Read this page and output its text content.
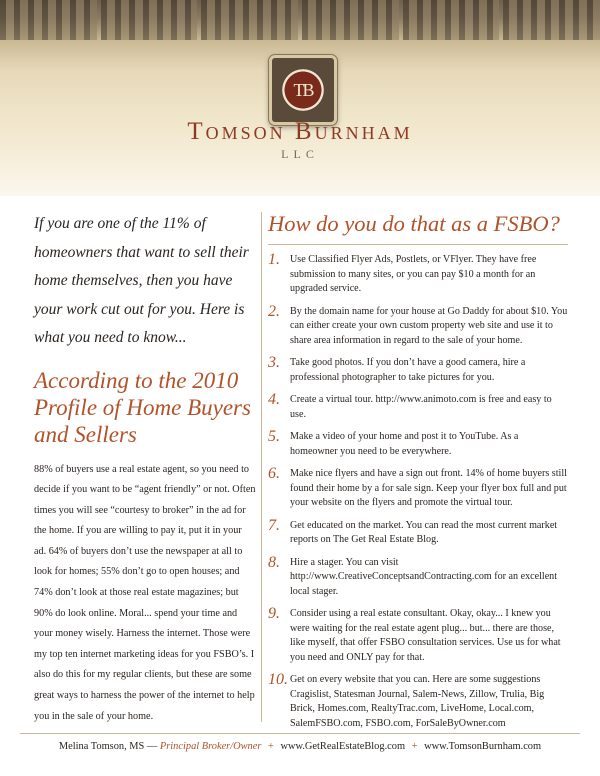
TB
Tomson Burnham
LLC

If you are one of the 11% of homeowners that want to sell their home themselves, then you have your work cut out for you. Here is what you need to know...

According to the 2010 Profile of Home Buyers and Sellers

88% of buyers use a real estate agent, so you need to decide if you want to be “agent friendly” or not. Often times you will see “courtesy to broker” in the ad for the home. If you are willing to pay it, put it in your ad. 64% of buyers don’t use the newspaper at all to look for homes; 55% don’t go to open houses; and 74% don’t look at those real estate magazines; but 90% do look online. Moral... spend your time and your money wisely. Harness the internet. Those were my top ten internet marketing ideas for you FSBO’s. I also do this for my regular clients, but these are some great ways to harness the power of the internet to help you in the sale of your home.

How do you do that as a FSBO?
1. Use Classified Flyer Ads, Postlets, or VFlyer. They have free submission to many sites, or you can pay $10 a month for an upgraded service.
2. By the domain name for your house at Go Daddy for about $10. You can either create your own custom property web site and use it to share area information in regard to the sale of your home.
3. Take good photos. If you don’t have a good camera, hire a professional photographer to take pictures for you.
4. Create a virtual tour. http://www.animoto.com is free and easy to use.
5. Make a video of your home and post it to YouTube. As a homeowner you need to be everywhere.
6. Make nice flyers and have a sign out front. 14% of home buyers still found their home by a for sale sign. Keep your flyer box full and put your website on the flyers and promote the virtual tour.
7. Get educated on the market. You can read the most current market reports on The Get Real Estate Blog.
8. Hire a stager. You can visit http://www.CreativeConceptsandContracting.com for an excellent local stager.
9. Consider using a real estate consultant. Okay, okay... I knew you were waiting for the real estate agent plug... but... there are those, like myself, that offer FSBO consultation services. Use us for what you need and ONLY pay for that.
10. Get on every website that you can. Here are some suggestions Cragislist, Statesman Journal, Salem-News, Zillow, Trulia, Big Brick, Homes.com, RealtyTrac.com, LiveHome, Local.com, SalemFSBO.com, FSBO.com, ForSaleByOwner.com
Melina Tomson, MS — Principal Broker/Owner + www.GetRealEstateBlog.com + www.TomsonBurnham.com
